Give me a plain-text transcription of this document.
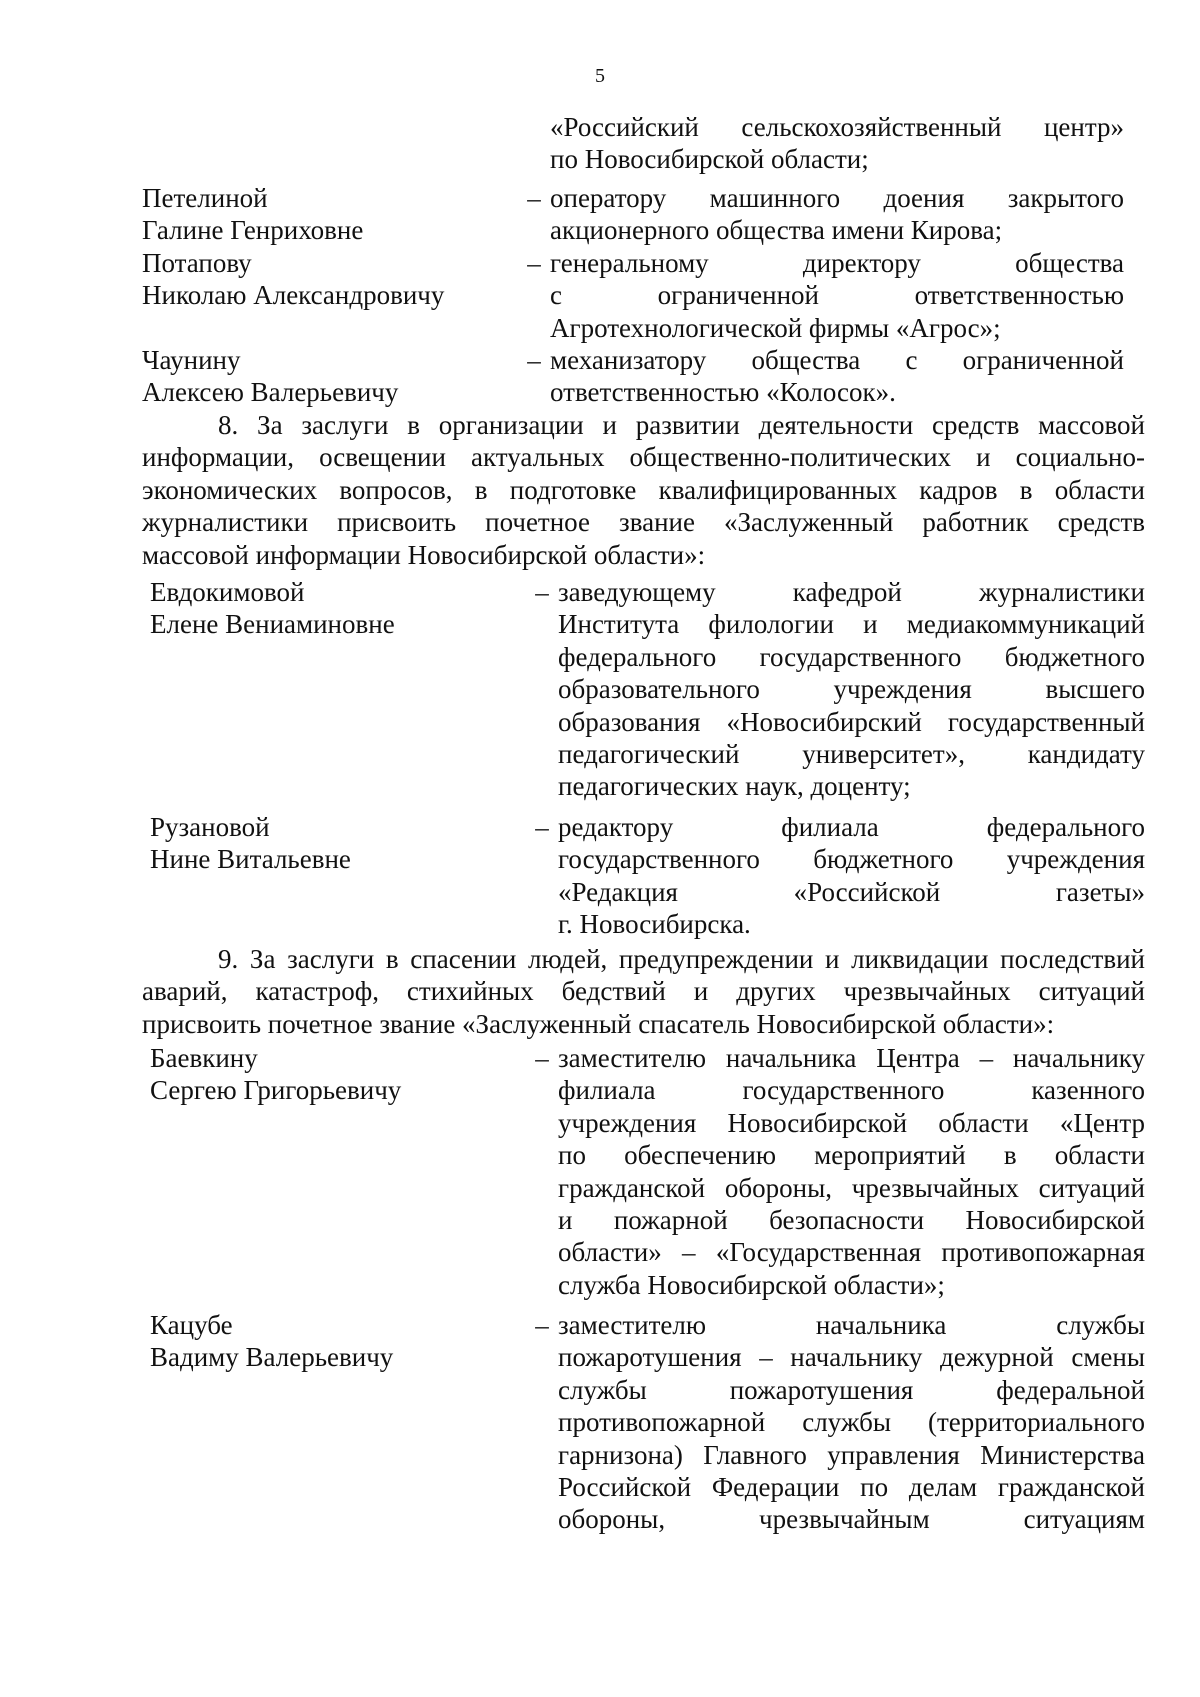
5
«Российский сельскохозяйственный центр»
по Новосибирской области;
Петелиной
Галине Генриховне
– оператору машинного доения закрытого
акционерного общества имени Кирова;
Потапову
Николаю Александровичу
– генеральному директору общества
с ограниченной ответственностью
Агротехнологической фирмы «Агрос»;
Чаунину
Алексею Валерьевичу
– механизатору общества с ограниченной
ответственностью «Колосок».
8. За заслуги в организации и развитии деятельности средств массовой
информации, освещении актуальных общественно-политических и социально-
экономических вопросов, в подготовке квалифицированных кадров в области
журналистики присвоить почетное звание «Заслуженный работник средств
массовой информации Новосибирской области»:
Евдокимовой
Елене Вениаминовне
– заведующему кафедрой журналистики
Института филологии и медиакоммуникаций
федерального государственного бюджетного
образовательного учреждения высшего
образования «Новосибирский государственный
педагогический университет», кандидату
педагогических наук, доценту;
Рузановой
Нине Витальевне
– редактору филиала федерального
государственного бюджетного учреждения
«Редакция «Российской газеты»
г. Новосибирска.
9. За заслуги в спасении людей, предупреждении и ликвидации последствий
аварий, катастроф, стихийных бедствий и других чрезвычайных ситуаций
присвоить почетное звание «Заслуженный спасатель Новосибирской области»:
Баевкину
Сергею Григорьевичу
– заместителю начальника Центра – начальнику
филиала государственного казенного
учреждения Новосибирской области «Центр
по обеспечению мероприятий в области
гражданской обороны, чрезвычайных ситуаций
и пожарной безопасности Новосибирской
области» – «Государственная противопожарная
служба Новосибирской области»;
Кацубе
Вадиму Валерьевичу
– заместителю начальника службы
пожаротушения – начальнику дежурной смены
службы пожаротушения федеральной
противопожарной службы (территориального
гарнизона) Главного управления Министерства
Российской Федерации по делам гражданской
обороны, чрезвычайным ситуациям
